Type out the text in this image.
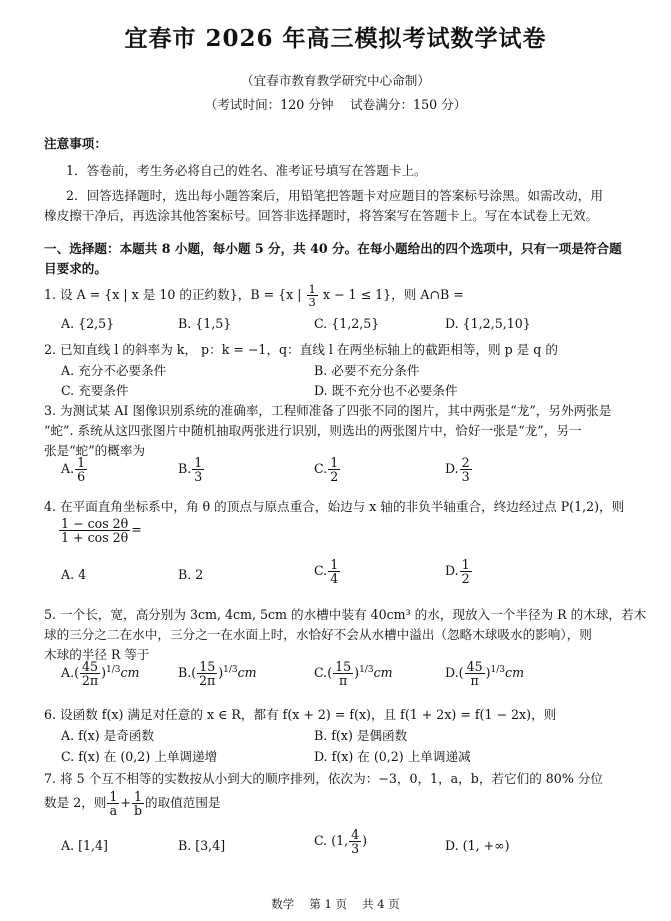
宜春市 2026 年高三模拟考试数学试卷
（宜春市教育教学研究中心命制）
（考试时间：120 分钟　 试卷满分：150 分）
注意事项：
1．答卷前，考生务必将自己的姓名、准考证号填写在答题卡上。
2．回答选择题时，选出每小题答案后，用铅笔把答题卡对应题目的答案标号涂黑。如需改动，用
橡皮擦干净后，再选涂其他答案标号。回答非选择题时，将答案写在答题卡上。写在本试卷上无效。
一、选择题：本题共 8 小题，每小题 5 分，共 40 分。在每小题给出的四个选项中，只有一项是符合题
目要求的。
1. 设 A = {x | x 是 10 的正约数}，B = {x | $\frac{1}{3}$ x − 1 ≤ 1}，则 A∩B =
A. {2,5}	B. {1,5}	C. {1,2,5}	D. {1,2,5,10}
2. 已知直线 l 的斜率为 k， p：k = −1，q：直线 l 在两坐标轴上的截距相等，则 p 是 q 的
A. 充分不必要条件	B. 必要不充分条件
C. 充要条件	D. 既不充分也不必要条件
3. 为测试某 AI 图像识别系统的准确率，工程师准备了四张不同的图片，其中两张是“龙”，另外两张是
“蛇”. 系统从这四张图片中随机抽取两张进行识别，则选出的两张图片中，恰好一张是“龙”，另一
张是“蛇”的概率为
A. $\frac{1}{6}$	B. $\frac{1}{3}$	C. $\frac{1}{2}$	D. $\frac{2}{3}$
4. 在平面直角坐标系中，角 θ 的顶点与原点重合，始边与 x 轴的非负半轴重合，终边经过点 P(1,2)，则
$\frac{1 - \cos 2\theta}{1 + \cos 2\theta}$ =
A. 4	B. 2	C. $\frac{1}{4}$	D. $\frac{1}{2}$
5. 一个长，宽，高分别为 3cm, 4cm, 5cm 的水槽中装有 40cm³ 的水，现放入一个半径为 R 的木球，若木
球的三分之二在水中，三分之一在水面上时，水恰好不会从水槽中溢出（忽略木球吸水的影响），则
木球的半径 R 等于
$A.( \frac{45}{2\pi} )^{1/3}cm$	$B.( \frac{15}{2\pi} )^{1/3}cm$	$C.( \frac{15}{\pi} )^{1/3}cm$	$D.( \frac{45}{\pi} )^{1/3}cm$
6. 设函数 f(x) 满足对任意的 x ∈ R，都有 f(x + 2) = f(x)，且 f(1 + 2x) = f(1 − 2x)，则
A. f(x) 是奇函数	B. f(x) 是偶函数
C. f(x) 在 (0,2) 上单调递增	D. f(x) 在 (0,2) 上单调递减
7. 将 5 个互不相等的实数按从小到大的顺序排列，依次为：−3，0，1，a，b，若它们的 80% 分位
数是 2，则 $\frac{1}{a} + \frac{1}{b}$ 的取值范围是
A. [1,4]	B. [3,4]	C. (1, $\frac{4}{3}$ )	D. (1, +∞)
数学　 第 1 页　 共 4 页
